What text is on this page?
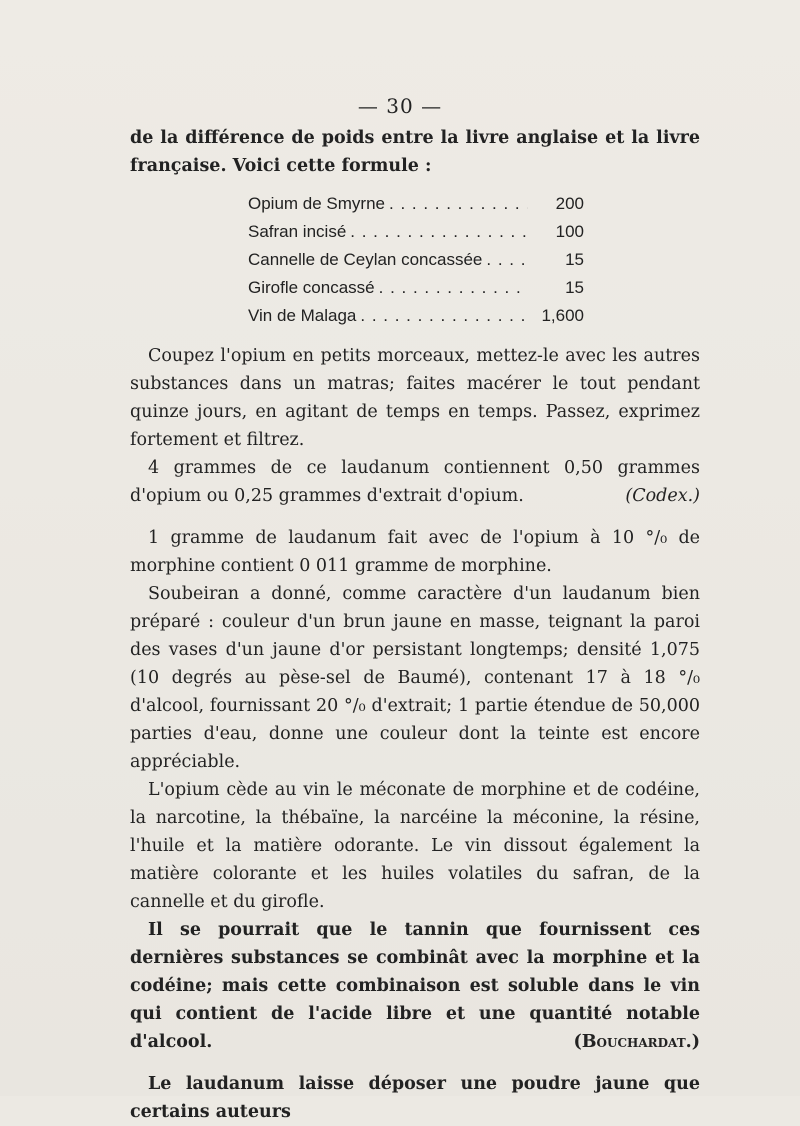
— 30 —

de la différence de poids entre la livre anglaise et la livre française. Voici cette formule :

Opium de Smyrne . . .	200
Safran incisé . . .	100
Cannelle de Ceylan concassée . . .	15
Girofle concassé . . .	15
Vin de Malaga . . .	1,600

Coupez l'opium en petits morceaux, mettez-le avec les autres substances dans un matras; faites macérer le tout pendant quinze jours, en agitant de temps en temps. Passez, exprimez fortement et filtrez.

4 grammes de ce laudanum contiennent 0,50 grammes d'opium ou 0,25 grammes d'extrait d'opium.	(Codex.)

1 gramme de laudanum fait avec de l'opium à 10 °/₀ de morphine contient 0 011 gramme de morphine.

Soubeiran a donné, comme caractère d'un laudanum bien préparé : couleur d'un brun jaune en masse, teignant la paroi des vases d'un jaune d'or persistant longtemps; densité 1,075 (10 degrés au pèse-sel de Baumé), contenant 17 à 18 °/₀ d'alcool, fournissant 20 °/₀ d'extrait; 1 partie étendue de 50,000 parties d'eau, donne une couleur dont la teinte est encore appréciable.

L'opium cède au vin le méconate de morphine et de codéine, la narcotine, la thébaïne, la narcéine la méconine, la résine, l'huile et la matière odorante. Le vin dissout également la matière colorante et les huiles volatiles du safran, de la cannelle et du girofle.

Il se pourrait que le tannin que fournissent ces dernières substances se combinât avec la morphine et la codéine; mais cette combinaison est soluble dans le vin qui contient de l'acide libre et une quantité notable d'alcool.	(Bouchardat.)

Le laudanum laisse déposer une poudre jaune que certains auteurs
